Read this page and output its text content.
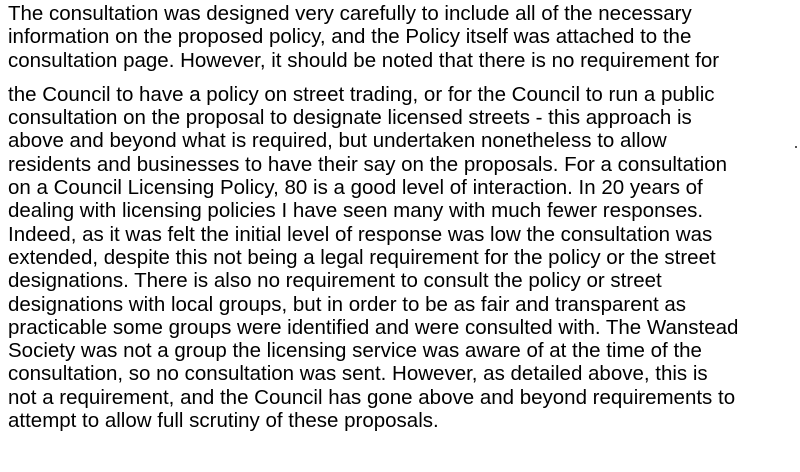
The consultation was designed very carefully to include all of the necessary
information on the proposed policy, and the Policy itself was attached to the
consultation page. However, it should be noted that there is no requirement for
the Council to have a policy on street trading, or for the Council to run a public
consultation on the proposal to designate licensed streets - this approach is
above and beyond what is required, but undertaken nonetheless to allow
residents and businesses to have their say on the proposals. For a consultation
on a Council Licensing Policy, 80 is a good level of interaction. In 20 years of
dealing with licensing policies I have seen many with much fewer responses.
Indeed, as it was felt the initial level of response was low the consultation was
extended, despite this not being a legal requirement for the policy or the street
designations. There is also no requirement to consult the policy or street
designations with local groups, but in order to be as fair and transparent as
practicable some groups were identified and were consulted with. The Wanstead
Society was not a group the licensing service was aware of at the time of the
consultation, so no consultation was sent. However, as detailed above, this is
not a requirement, and the Council has gone above and beyond requirements to
attempt to allow full scrutiny of these proposals.
